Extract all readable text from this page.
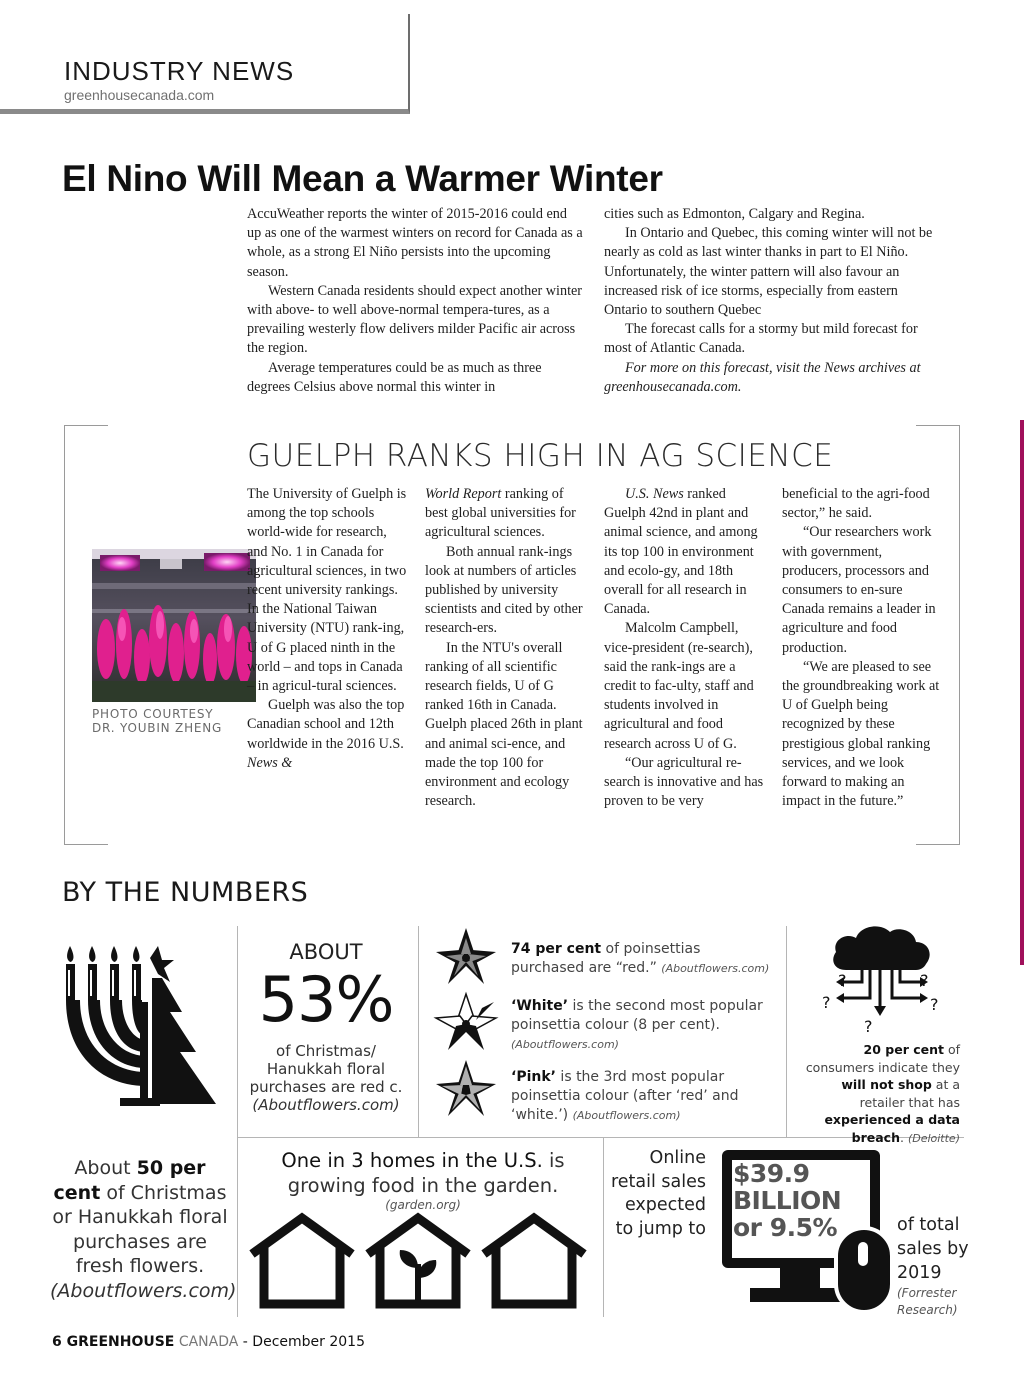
INDUSTRY NEWS
greenhousecanada.com
El Nino Will Mean a Warmer Winter

AccuWeather reports the winter of 2015-2016 could end up as one of the warmest winters on record for Canada as a whole, as a strong El Niño persists into the upcoming season.

Western Canada residents should expect another winter with above- to well above-normal tempera-tures, as a prevailing westerly flow delivers milder Pacific air across the region.

Average temperatures could be as much as three degrees Celsius above normal this winter in

cities such as Edmonton, Calgary and Regina.

In Ontario and Quebec, this coming winter will not be nearly as cold as last winter thanks in part to El Niño. Unfortunately, the winter pattern will also favour an increased risk of ice storms, especially from eastern Ontario to southern Quebec

The forecast calls for a stormy but mild forecast for most of Atlantic Canada.

For more on this forecast, visit the News archives at greenhousecanada.com.

GUELPH RANKS HIGH IN AG SCIENCE
PHOTO COURTESY
DR. YOUBIN ZHENG

The University of Guelph is among the top schools world-wide for research, and No. 1 in Canada for agricultural sciences, in two recent university rankings.

In the National Taiwan University (NTU) rank-ing, U of G placed ninth in the world – and tops in Canada – in agricul-tural sciences.

Guelph was also the top Canadian school and 12th worldwide in the 2016 U.S. News &

World Report ranking of best global universities for agricultural sciences.

Both annual rank-ings look at numbers of articles published by university scientists and cited by other research-ers.

In the NTU's overall ranking of all scientific research fields, U of G ranked 16th in Canada. Guelph placed 26th in plant and animal sci-ence, and made the top 100 for environment and ecology research.

U.S. News ranked Guelph 42nd in plant and animal science, and among its top 100 in environment and ecolo-gy, and 18th overall for all research in Canada.

Malcolm Campbell, vice-president (re-search), said the rank-ings are a credit to fac-ulty, staff and students involved in agricultural and food research across U of G.

“Our agricultural re-search is innovative and has proven to be very

beneficial to the agri-food sector,” he said.

“Our researchers work with government, producers, processors and consumers to en-sure Canada remains a leader in agriculture and food production.

“We are pleased to see the groundbreaking work at U of Guelph being recognized by these prestigious global ranking services, and we look forward to making an impact in the future.”

BY THE NUMBERS
ABOUT
53%
of Christmas/ Hanukkah floral purchases are red c.
(Aboutflowers.com)
74 per cent of poinsettias purchased are “red.” (Aboutflowers.com)
‘White’ is the second most popular poinsettia colour (8 per cent). (Aboutflowers.com)
‘Pink’ is the 3rd most popular poinsettia colour (after ‘red’ and ‘white.’) (Aboutflowers.com)
?
?
?
?
?
20 per cent of consumers indicate they will not shop at a retailer that has experienced a data breach. (Deloitte)
About 50 per cent of Christmas or Hanukkah floral purchases are fresh flowers.
(Aboutflowers.com)
One in 3 homes in the U.S. is growing food in the garden.
(garden.org)
Online retail sales expected to jump to
$39.9 BILLION or 9.5%	of total sales by 2019
(Forrester Research)
6 GREENHOUSE CANADA - December 2015
